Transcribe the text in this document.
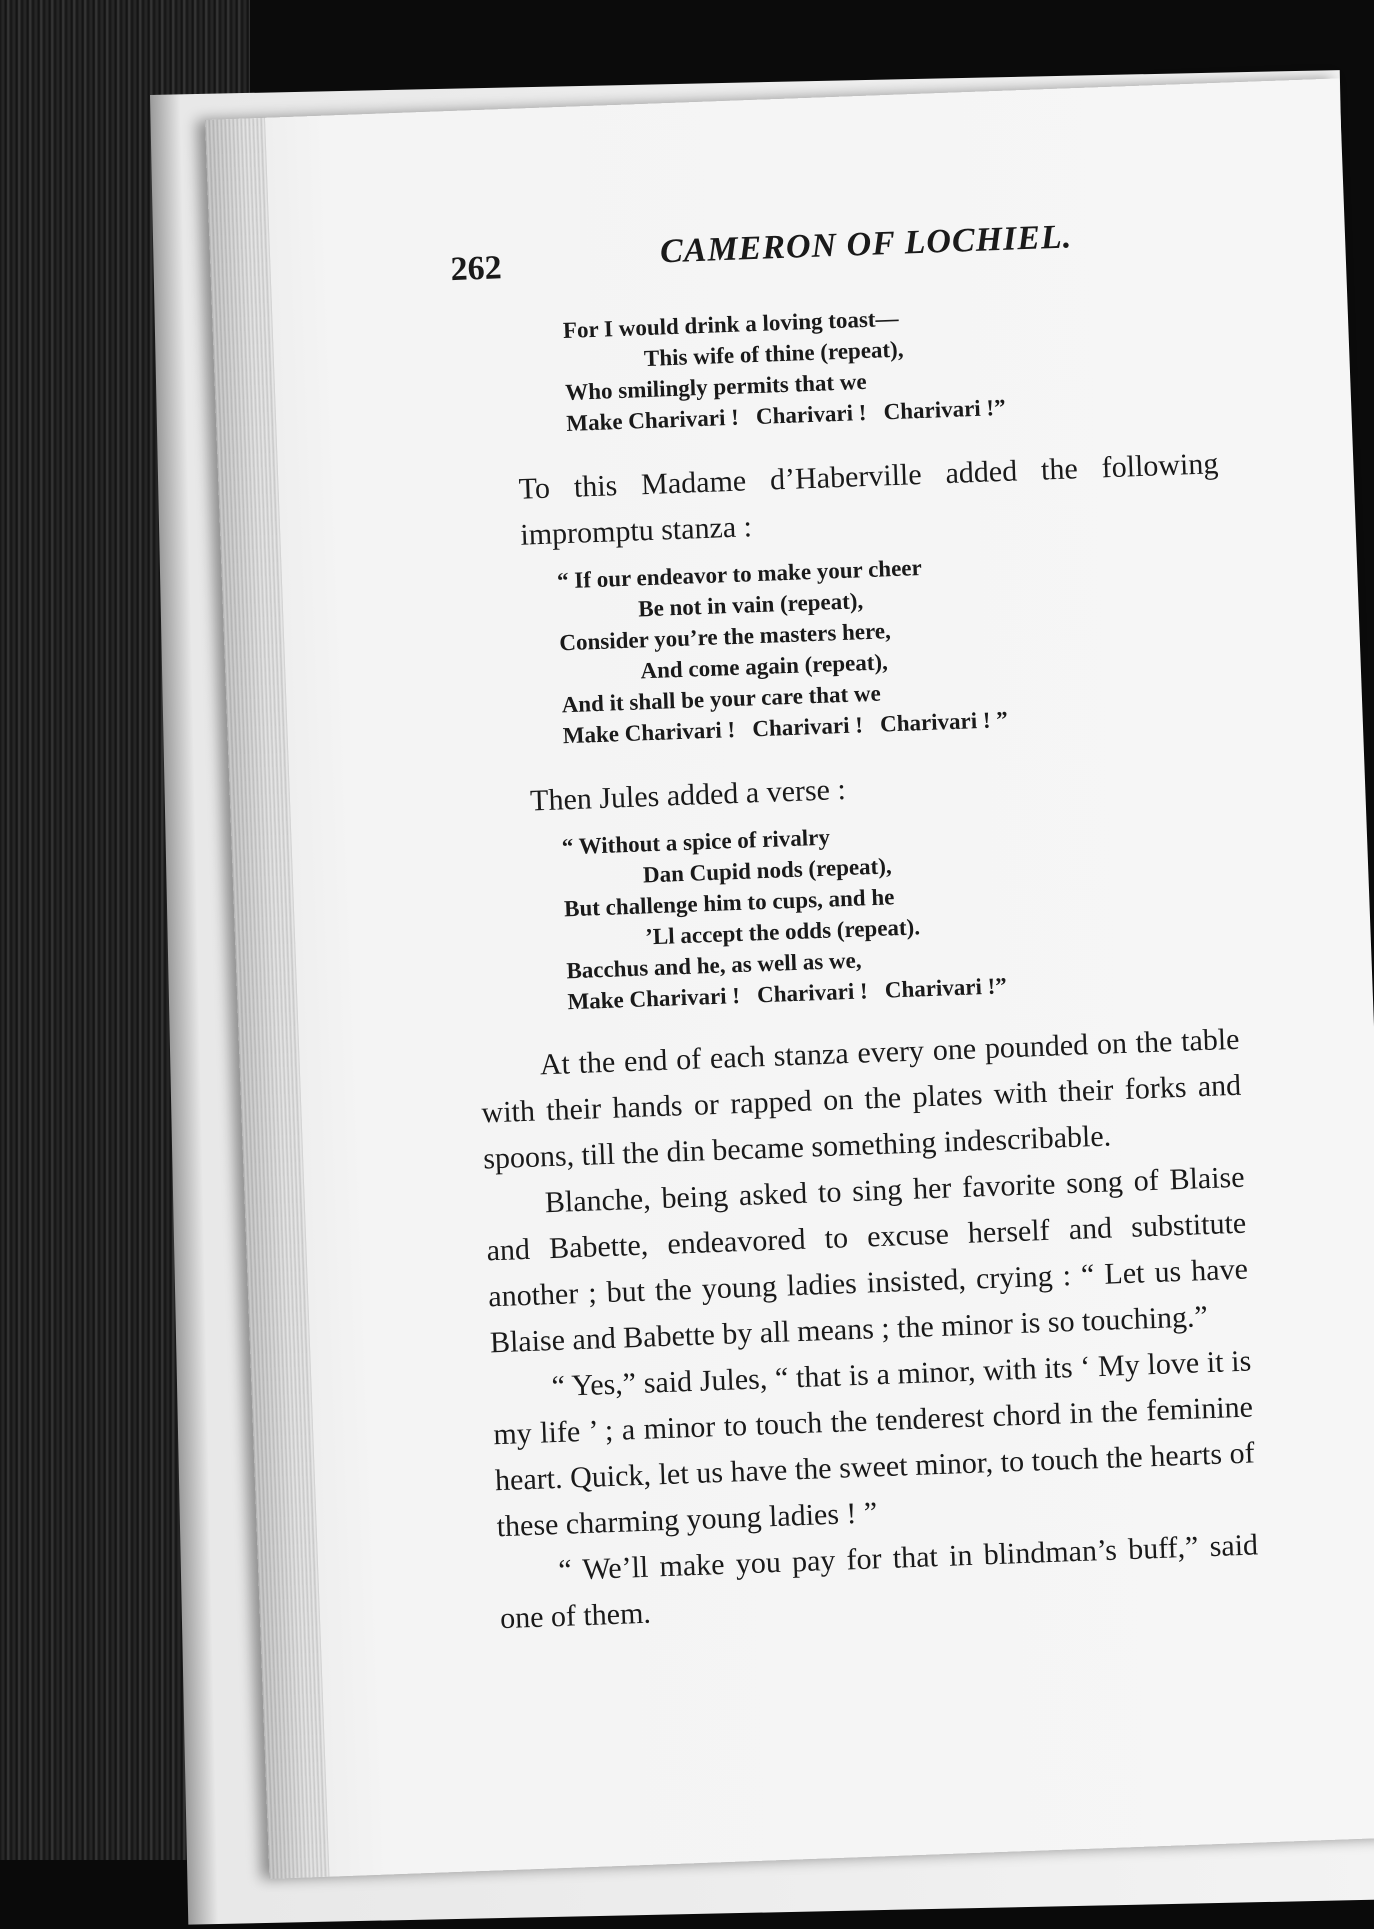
262	CAMERON OF LOCHIEL.
For I would drink a loving toast—
This wife of thine (repeat),
Who smilingly permits that we
Make Charivari !   Charivari !   Charivari !”

To this Madame d’Haberville added the following impromptu stanza :

“ If our endeavor to make your cheer
Be not in vain (repeat),
Consider you’re the masters here,
And come again (repeat),
And it shall be your care that we
Make Charivari !   Charivari !   Charivari ! ”

Then Jules added a verse :

“ Without a spice of rivalry
Dan Cupid nods (repeat),
But challenge him to cups, and he
’Ll accept the odds (repeat).
Bacchus and he, as well as we,
Make Charivari !   Charivari !   Charivari !”

At the end of each stanza every one pounded on the table with their hands or rapped on the plates with their forks and spoons, till the din became something indescribable.

Blanche, being asked to sing her favorite song of Blaise and Babette, endeavored to excuse herself and substitute another ; but the young ladies insisted, crying : “ Let us have Blaise and Babette by all means ; the minor is so touching.”

“ Yes,” said Jules, “ that is a minor, with its ‘ My love it is my life ’ ; a minor to touch the tenderest chord in the feminine heart. Quick, let us have the sweet minor, to touch the hearts of these charming young ladies ! ”

“ We’ll make you pay for that in blindman’s buff,” said one of them.
